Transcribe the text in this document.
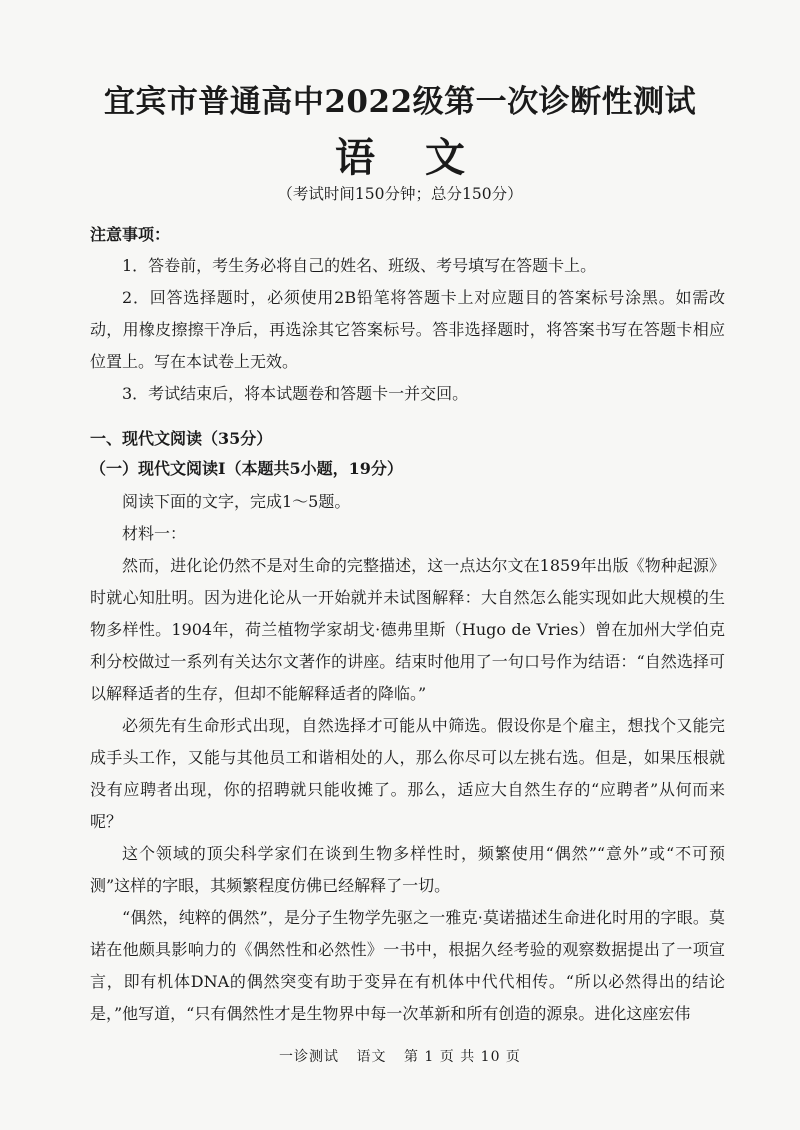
宜宾市普通高中2022级第一次诊断性测试
语文
（考试时间150分钟；总分150分）
注意事项：

1．答卷前，考生务必将自己的姓名、班级、考号填写在答题卡上。

2．回答选择题时，必须使用2B铅笔将答题卡上对应题目的答案标号涂黑。如需改动，用橡皮擦擦干净后，再选涂其它答案标号。答非选择题时，将答案书写在答题卡相应位置上。写在本试卷上无效。

3．考试结束后，将本试题卷和答题卡一并交回。

一、现代文阅读（35分）
（一）现代文阅读Ⅰ（本题共5小题，19分）

阅读下面的文字，完成1～5题。

材料一：

然而，进化论仍然不是对生命的完整描述，这一点达尔文在1859年出版《物种起源》时就心知肚明。因为进化论从一开始就并未试图解释：大自然怎么能实现如此大规模的生物多样性。1904年，荷兰植物学家胡戈·德弗里斯（Hugo de Vries）曾在加州大学伯克利分校做过一系列有关达尔文著作的讲座。结束时他用了一句口号作为结语：“自然选择可以解释适者的生存，但却不能解释适者的降临。”

必须先有生命形式出现，自然选择才可能从中筛选。假设你是个雇主，想找个又能完成手头工作，又能与其他员工和谐相处的人，那么你尽可以左挑右选。但是，如果压根就没有应聘者出现，你的招聘就只能收摊了。那么，适应大自然生存的“应聘者”从何而来呢？

这个领域的顶尖科学家们在谈到生物多样性时，频繁使用“偶然”“意外”或“不可预测”这样的字眼，其频繁程度仿佛已经解释了一切。

“偶然，纯粹的偶然”，是分子生物学先驱之一雅克·莫诺描述生命进化时用的字眼。莫诺在他颇具影响力的《偶然性和必然性》一书中，根据久经考验的观察数据提出了一项宣言，即有机体DNA的偶然突变有助于变异在有机体中代代相传。“所以必然得出的结论是，”他写道，“只有偶然性才是生物界中每一次革新和所有创造的源泉。进化这座宏伟

一诊测试 语文 第 1 页 共 10 页
